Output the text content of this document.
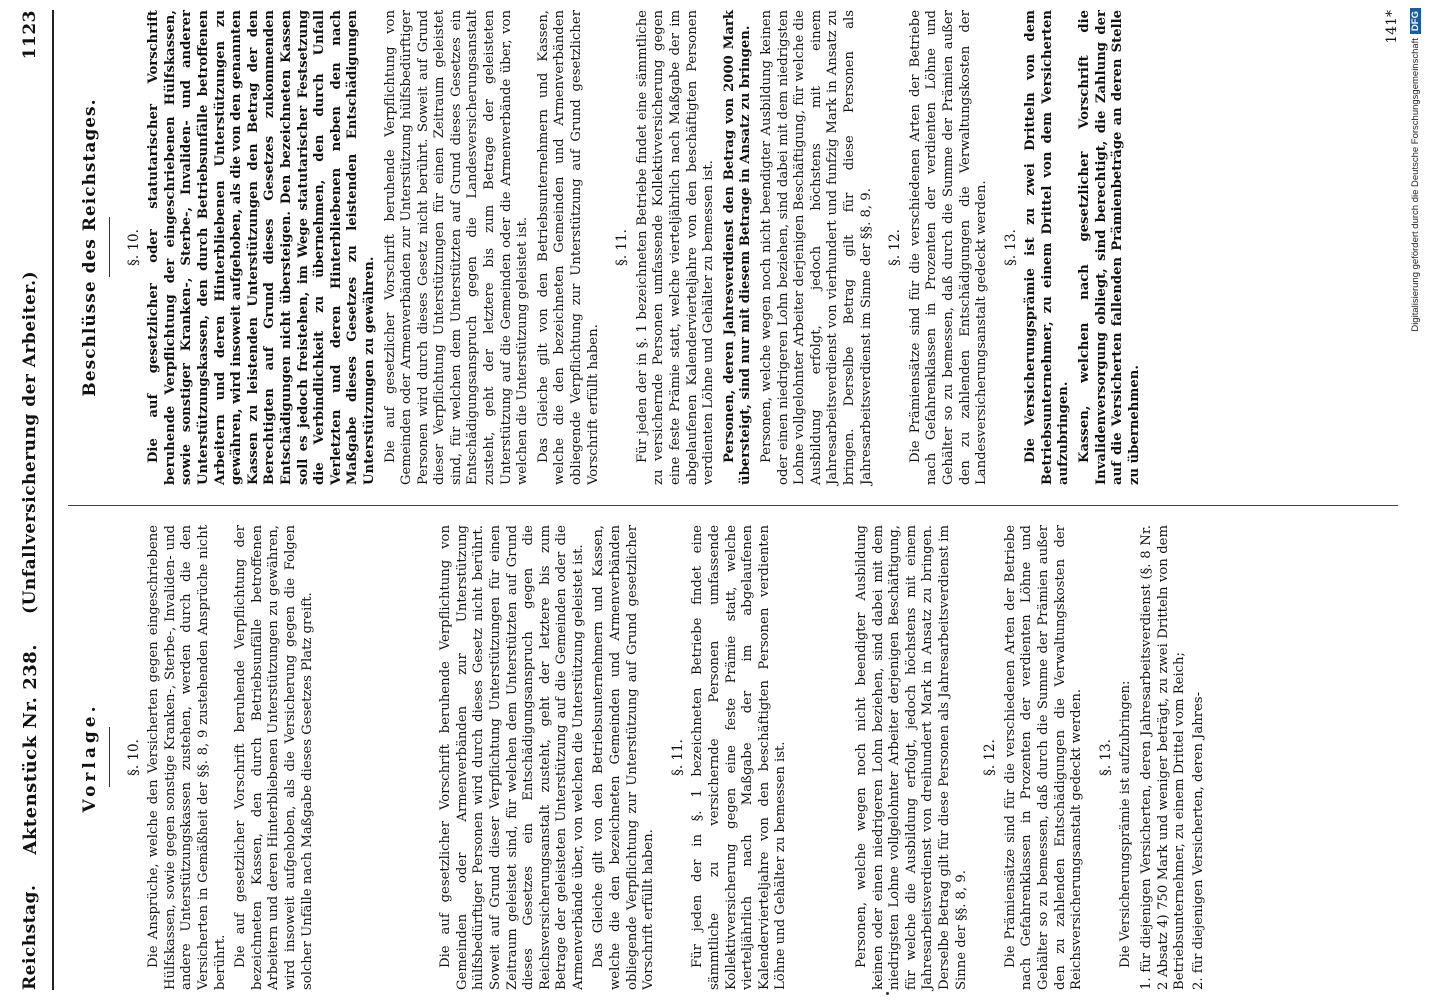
Reichstag.
Aktenstück Nr. 238.
(Unfallversicherung der Arbeiter.)
1123
Vorlage. §. 10. Die Ansprüche, welche den Versicherten gegen eingeschriebene Hülfskassen, sowie gegen sonstige Kranken-, Sterbe-, Invaliden- und andere Unterstützungskassen zustehen, werden durch die den Versicherten in Gemäßheit der §§. 8, 9 zustehenden Ansprüche nicht berührt. Die auf gesetzlicher Vorschrift beruhende Verpflichtung der bezeichneten Kassen, den durch Betriebsunfälle betroffenen Arbeitern und deren Hinterbliebenen Unterstützungen zu gewähren, wird insoweit aufgehoben, als die Versicherung gegen die Folgen solcher Unfälle nach Maßgabe dieses Gesetzes Platz greift.	Die auf gesetzlicher Vorschrift beruhende Verpflichtung von Gemeinden oder Armenverbänden zur Unterstützung hülfsbedürftiger Personen wird durch dieses Gesetz nicht berührt. Soweit auf Grund dieser Verpflichtung Unterstützungen für einen Zeitraum geleistet sind, für welchen dem Unterstützten auf Grund dieses Gesetzes ein Entschädigungsanspruch gegen die Reichsversicherungsanstalt zusteht, geht der letztere bis zum Betrage der geleisteten Unterstützung auf die Gemeinden oder die Armenverbände über, von welchen die Unterstützung geleistet ist. Das Gleiche gilt von den Betriebsunternehmern und Kassen, welche die den bezeichneten Gemeinden und Armenverbänden obliegende Verpflichtung zur Unterstützung auf Grund gesetzlicher Vorschrift erfüllt haben.

§. 11. Für jeden der in §. 1 bezeichneten Betriebe findet eine sämmtliche zu versichernde Personen umfassende Kollektivversicherung gegen eine feste Prämie statt, welche vierteljährlich nach Maßgabe der im abgelaufenen Kalendervierteljahre von den beschäftigten Personen verdienten Löhne und Gehälter zu bemessen ist.	Personen, welche wegen noch nicht beendigter Ausbildung keinen oder einen niedrigeren Lohn beziehen, sind dabei mit dem niedrigsten Lohne vollgelohnter Arbeiter derjenigen Beschäftigung, für welche die Ausbildung erfolgt, jedoch höchstens mit einem Jahresarbeitsverdienst von dreihundert Mark in Ansatz zu bringen. Derselbe Betrag gilt für diese Personen als Jahresarbeitsverdienst im Sinne der §§. 8, 9.

§. 12. Die Prämiensätze sind für die verschiedenen Arten der Betriebe nach Gefahrenklassen in Prozenten der verdienten Löhne und Gehälter so zu bemessen, daß durch die Summe der Prämien außer den zu zahlenden Entschädigungen die Verwaltungskosten der Reichsversicherungsanstalt gedeckt werden. §. 13. Die Versicherungsprämie ist aufzubringen: 1. für diejenigen Versicherten, deren Jahresarbeitsverdienst (§. 8 Nr. 2 Absatz 4) 750 Mark und weniger beträgt, zu zwei Dritteln von dem Betriebsunternehmer, zu einem Drittel vom Reich; 2. für diejenigen Versicherten, deren Jahres-

Beschlüsse des Reichstages. §. 10. Die auf gesetzlicher oder statutarischer Vorschrift beruhende Verpflichtung der eingeschriebenen Hülfskassen, sowie sonstiger Kranken-, Sterbe-, Invaliden- und anderer Unterstützungskassen, den durch Betriebsunfälle betroffenen Arbeitern und deren Hinterbliebenen Unterstützungen zu gewähren, wird insoweit aufgehoben, als die von den genannten Kassen zu leistenden Unterstützungen den Betrag der den Berechtigten auf Grund dieses Gesetzes zukommenden Entschädigungen nicht übersteigen. Den bezeichneten Kassen soll es jedoch freistehen, im Wege statutarischer Festsetzung die Verbindlichkeit zu übernehmen, den durch Unfall Verletzten und deren Hinterbliebenen neben den nach Maßgabe dieses Gesetzes zu leistenden Entschädigungen Unterstützungen zu gewähren. Die auf gesetzlicher Vorschrift beruhende Verpflichtung von Gemeinden oder Armenverbänden zur Unterstützung hülfsbedürftiger Personen wird durch dieses Gesetz nicht berührt. Soweit auf Grund dieser Verpflichtung Unterstützungen für einen Zeitraum geleistet sind, für welchen dem Unterstützten auf Grund dieses Gesetzes ein Entschädigungsanspruch gegen die Landesversicherungsanstalt zusteht, geht der letztere bis zum Betrage der geleisteten Unterstützung auf die Gemeinden oder die Armenverbände über, von welchen die Unterstützung geleistet ist. Das Gleiche gilt von den Betriebsunternehmern und Kassen, welche die den bezeichneten Gemeinden und Armenverbänden obliegende Verpflichtung zur Unterstützung auf Grund gesetzlicher Vorschrift erfüllt haben.

§. 11. Für jeden der in §. 1 bezeichneten Betriebe findet eine sämmtliche zu versichernde Personen umfassende Kollektivversicherung gegen eine feste Prämie statt, welche vierteljährlich nach Maßgabe der im abgelaufenen Kalendervierteljahre von den beschäftigten Personen verdienten Löhne und Gehälter zu bemessen ist. Personen, deren Jahresverdienst den Betrag von 2000 Mark übersteigt, sind nur mit diesem Betrage in Ansatz zu bringen. Personen, welche wegen noch nicht beendigter Ausbildung keinen oder einen niedrigeren Lohn beziehen, sind dabei mit dem niedrigsten Lohne vollgelohnter Arbeiter derjenigen Beschäftigung, für welche die Ausbildung erfolgt, jedoch höchstens mit einem Jahresarbeitsverdienst von vierhundert und funfzig Mark in Ansatz zu bringen. Derselbe Betrag gilt für diese Personen als Jahresarbeitsverdienst im Sinne der §§. 8, 9. §. 12. Die Prämiensätze sind für die verschiedenen Arten der Betriebe nach Gefahrenklassen in Prozenten der verdienten Löhne und Gehälter so zu bemessen, daß durch die Summe der Prämien außer den zu zahlenden Entschädigungen die Verwaltungskosten der Landesversicherungsanstalt gedeckt werden. §. 13. Die Versicherungsprämie ist zu zwei Dritteln von dem Betriebsunternehmer, zu einem Drittel von dem Versicherten aufzubringen. Kassen, welchen nach gesetzlicher Vorschrift die Invalidenversorgung obliegt, sind berechtigt, die Zahlung der auf die Versicherten fallenden Prämienbeträge an deren Stelle zu übernehmen.

141*
Digitalisierung gefördert durch die Deutsche ForschungsgemeinschaftDFG
